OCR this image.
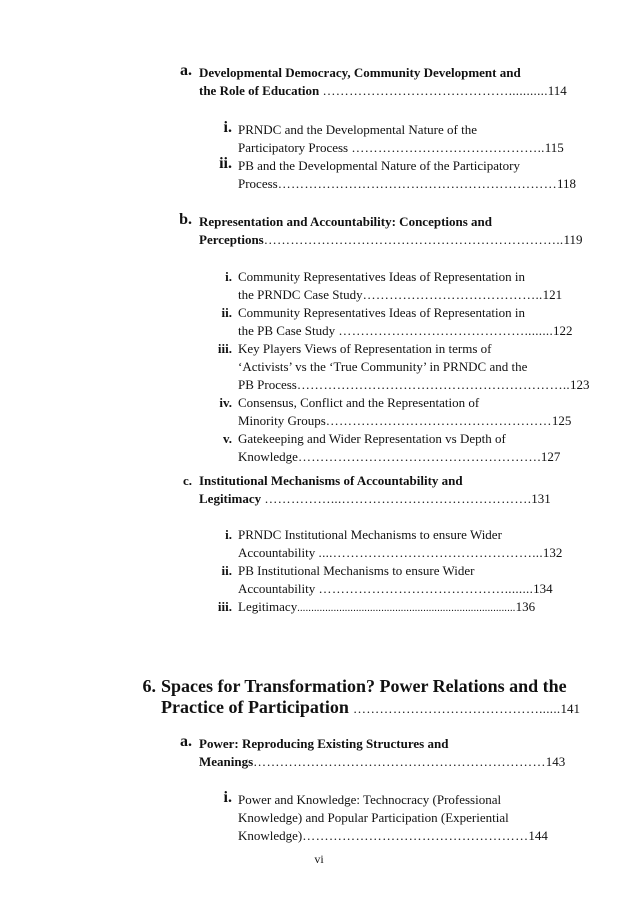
a. Developmental Democracy, Community Development and
the Role of Education ……………………………………...........114
i. PRNDC and the Developmental Nature of the
Participatory Process ……………………………………..115
ii. PB and the Developmental Nature of the Participatory
Process………………………………………………………118
b. Representation and Accountability: Conceptions and
Perceptions…………………………………………………………..119
i. Community Representatives Ideas of Representation in
the PRNDC Case Study…………………………………..121
ii. Community Representatives Ideas of Representation in
the PB Case Study ……………………………………........122
iii. Key Players Views of Representation in terms of
‘Activists’ vs the ‘True Community’ in PRNDC and the
PB Process……………………………………………………..123
iv. Consensus, Conflict and the Representation of
Minority Groups……………………………………………125
v. Gatekeeping and Wider Representation vs Depth of
Knowledge……………………………………………….127
c. Institutional Mechanisms of Accountability and
Legitimacy ……………...…………………………………….131
i. PRNDC Institutional Mechanisms to ensure Wider
Accountability ....………………………………………...132
ii. PB Institutional Mechanisms to ensure Wider
Accountability ……………………………………........134
iii. Legitimacy..............................................................................136
6. Spaces for Transformation? Power Relations and the
Practice of Participation ……………………………………......141
a. Power: Reproducing Existing Structures and
Meanings…………………………………………………………143
i. Power and Knowledge: Technocracy (Professional
Knowledge) and Popular Participation (Experiential
Knowledge)……………………………………………144
vi
